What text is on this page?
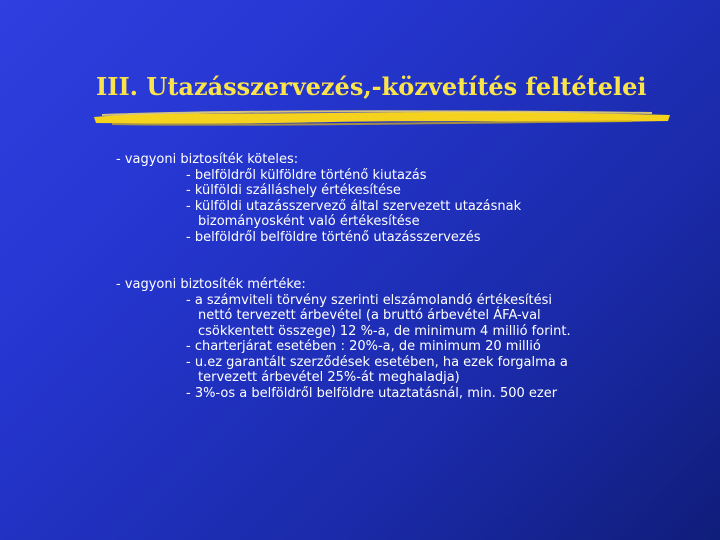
III. Utazásszervezés,-közvetítés feltételei
- vagyoni biztosíték köteles:
- belföldről külföldre történő kiutazás
- külföldi szálláshely értékesítése
- külföldi utazásszervező által szervezett utazásnak
bizományosként való értékesítése
- belföldről belföldre történő utazásszervezés
- vagyoni biztosíték mértéke:
- a számviteli törvény szerinti elszámolandó értékesítési
nettó tervezett árbevétel (a bruttó árbevétel ÁFA-val
csökkentett összege) 12 %-a, de minimum 4 millió forint.
- charterjárat esetében : 20%-a, de minimum 20 millió
- u.ez garantált szerződések esetében, ha ezek forgalma a
tervezett árbevétel 25%-át meghaladja)
- 3%-os a belföldről belföldre utaztatásnál, min. 500 ezer
